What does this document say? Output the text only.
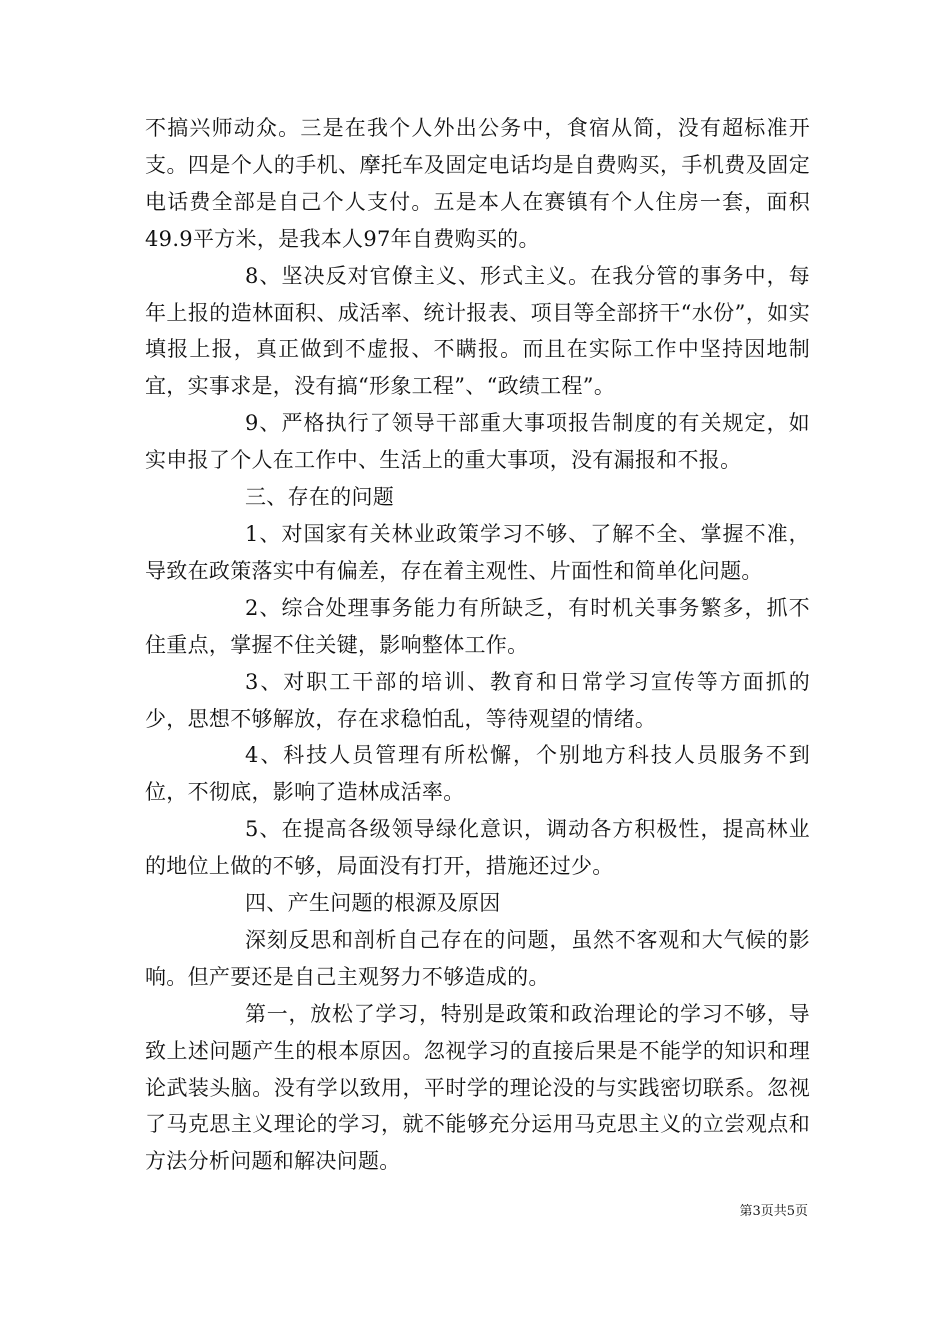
不搞兴师动众。三是在我个人外出公务中，食宿从简，没有超标准开支。四是个人的手机、摩托车及固定电话均是自费购买，手机费及固定电话费全部是自己个人支付。五是本人在赛镇有个人住房一套，面积49.9平方米，是我本人97年自费购买的。

8、坚决反对官僚主义、形式主义。在我分管的事务中，每年上报的造林面积、成活率、统计报表、项目等全部挤干“水份”，如实填报上报，真正做到不虚报、不瞒报。而且在实际工作中坚持因地制宜，实事求是，没有搞“形象工程”、“政绩工程”。

9、严格执行了领导干部重大事项报告制度的有关规定，如实申报了个人在工作中、生活上的重大事项，没有漏报和不报。

三、存在的问题

1、对国家有关林业政策学习不够、了解不全、掌握不准，导致在政策落实中有偏差，存在着主观性、片面性和简单化问题。

2、综合处理事务能力有所缺乏，有时机关事务繁多，抓不住重点，掌握不住关键，影响整体工作。

3、对职工干部的培训、教育和日常学习宣传等方面抓的少，思想不够解放，存在求稳怕乱，等待观望的情绪。

4、科技人员管理有所松懈，个别地方科技人员服务不到位，不彻底，影响了造林成活率。

5、在提高各级领导绿化意识，调动各方积极性，提高林业的地位上做的不够，局面没有打开，措施还过少。

四、产生问题的根源及原因

深刻反思和剖析自己存在的问题，虽然不客观和大气候的影响。但产要还是自己主观努力不够造成的。

第一，放松了学习，特别是政策和政治理论的学习不够，导致上述问题产生的根本原因。忽视学习的直接后果是不能学的知识和理论武装头脑。没有学以致用，平时学的理论没的与实践密切联系。忽视了马克思主义理论的学习，就不能够充分运用马克思主义的立尝观点和方法分析问题和解决问题。

第3页共5页
